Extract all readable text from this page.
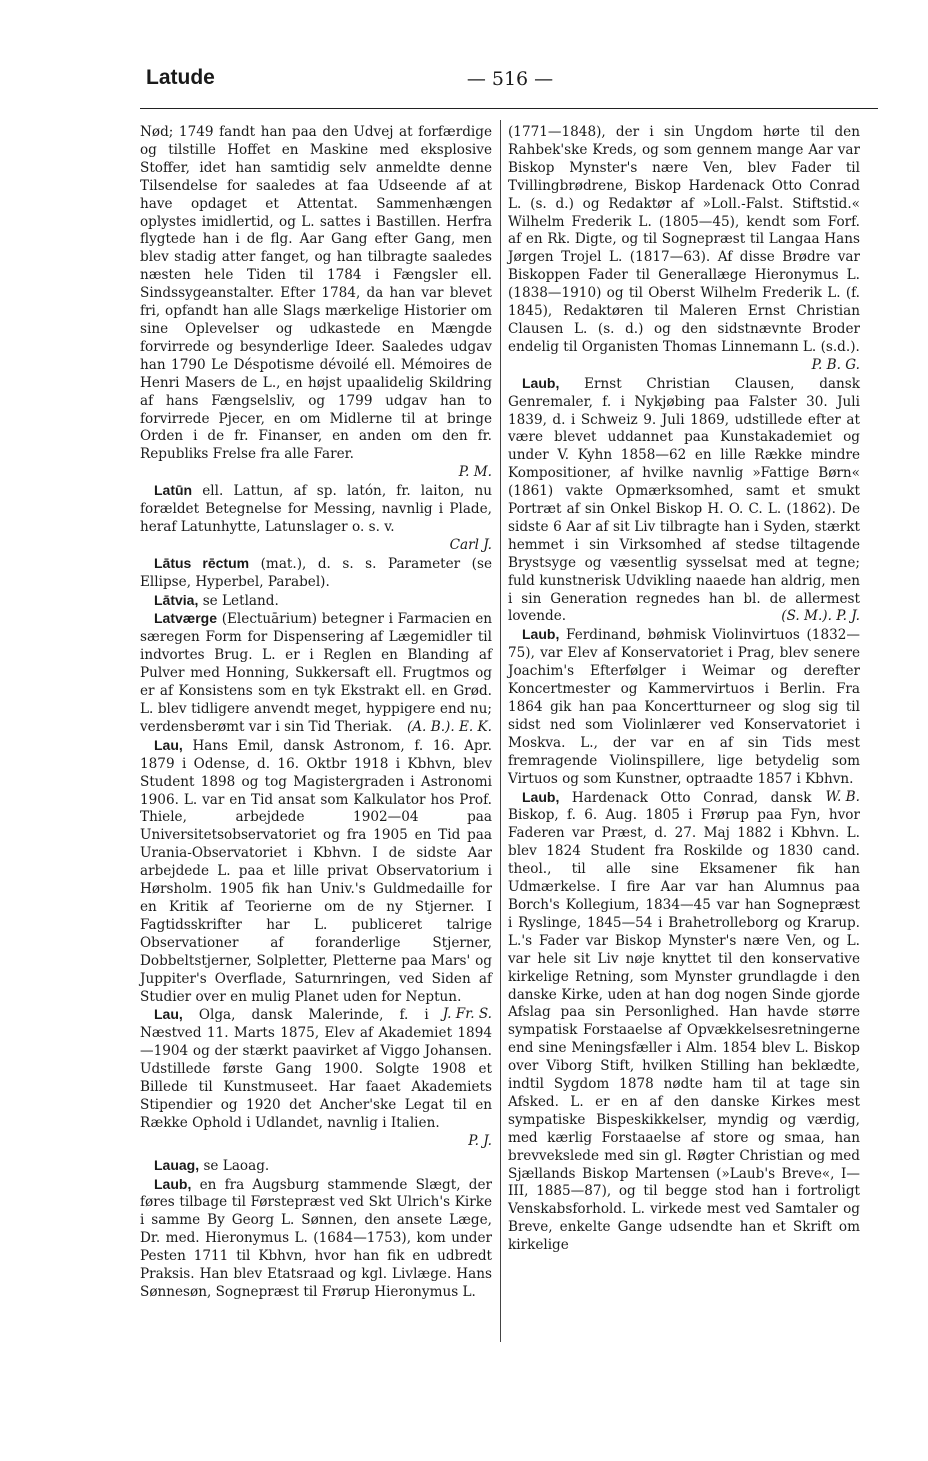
Latude	— 516 —

Nød; 1749 fandt han paa den Udvej at forfærdige og tilstille Hoffet en Maskine med eksplosive Stoffer, idet han samtidig selv anmeldte denne Tilsendelse for saaledes at faa Udseende af at have opdaget et Attentat. Sammenhængen oplystes imidlertid, og L. sattes i Bastillen. Herfra flygtede han i de flg. Aar Gang efter Gang, men blev stadig atter fanget, og han tilbragte saaledes næsten hele Tiden til 1784 i Fængsler ell. Sindssygeanstalter. Efter 1784, da han var blevet fri, opfandt han alle Slags mærkelige Historier om sine Oplevelser og udkastede en Mængde forvirrede og besynderlige Ideer. Saaledes udgav han 1790 Le Déspotisme dévoilé ell. Mémoires de Henri Masers de L., en højst upaalidelig Skildring af hans Fængselsliv, og 1799 udgav han to forvirrede Pjecer, en om Midlerne til at bringe Orden i de fr. Finanser, en anden om den fr. Republiks Frelse fra alle Farer.

P. M.

Latūn ell. Lattun, af sp. latón, fr. laiton, nu forældet Betegnelse for Messing, navnlig i Plade, heraf Latunhytte, Latunslager o. s. v.

Carl J.

Lātus rēctum (mat.), d. s. s. Parameter (se Ellipse, Hyperbel, Parabel).

Lātvia, se Letland.

Latværge (Electuārium) betegner i Farmacien en særegen Form for Dispensering af Lægemidler til indvortes Brug. L. er i Reglen en Blanding af Pulver med Honning, Sukkersaft ell. Frugtmos og er af Konsistens som en tyk Ekstrakt ell. en Grød. L. blev tidligere anvendt meget, hyppigere end nu; verdensberømt var i sin Tid Theriak.	(A. B.). E. K.

Lau, Hans Emil, dansk Astronom, f. 16. Apr. 1879 i Odense, d. 16. Oktbr 1918 i Kbhvn, blev Student 1898 og tog Magistergraden i Astronomi 1906. L. var en Tid ansat som Kalkulator hos Prof. Thiele, arbejdede 1902—04 paa Universitetsobservatoriet og fra 1905 en Tid paa Urania-Observatoriet i Kbhvn. I de sidste Aar arbejdede L. paa et lille privat Observatorium i Hørsholm. 1905 fik han Univ.'s Guldmedaille for en Kritik af Teorierne om de ny Stjerner. I Fagtidsskrifter har L. publiceret talrige Observationer af foranderlige Stjerner, Dobbeltstjerner, Solpletter, Pletterne paa Mars' og Juppiter's Overflade, Saturnringen, ved Siden af Studier over en mulig Planet uden for Neptun.
J. Fr. S.

Lau, Olga, dansk Malerinde, f. i Næstved 11. Marts 1875, Elev af Akademiet 1894—1904 og der stærkt paavirket af Viggo Johansen. Udstillede første Gang 1900. Solgte 1908 et Billede til Kunstmuseet. Har faaet Akademiets Stipendier og 1920 det Ancher'ske Legat til en Række Ophold i Udlandet, navnlig i Italien.

P. J.

Lauag, se Laoag.

Laub, en fra Augsburg stammende Slægt, der føres tilbage til Førstepræst ved Skt Ulrich's Kirke i samme By Georg L. Sønnen, den ansete Læge, Dr. med. Hieronymus L. (1684—1753), kom under Pesten 1711 til Kbhvn, hvor han fik en udbredt Praksis. Han blev Etatsraad og kgl. Livlæge. Hans Sønnesøn, Sognepræst til Frørup Hieronymus L.

(1771—1848), der i sin Ungdom hørte til den Rahbek'ske Kreds, og som gennem mange Aar var Biskop Mynster's nære Ven, blev Fader til Tvillingbrødrene, Biskop Hardenack Otto Conrad L. (s. d.) og Redaktør af »Loll.-Falst. Stiftstid.« Wilhelm Frederik L. (1805—45), kendt som Forf. af en Rk. Digte, og til Sognepræst til Langaa Hans Jørgen Trojel L. (1817—63). Af disse Brødre var Biskoppen Fader til Generallæge Hieronymus L. (1838—1910) og til Oberst Wilhelm Frederik L. (f. 1845), Redaktøren til Maleren Ernst Christian Clausen L. (s. d.) og den sidstnævnte Broder endelig til Organisten Thomas Linnemann L. (s.d.).

P. B. G.

Laub, Ernst Christian Clausen, dansk Genremaler, f. i Nykjøbing paa Falster 30. Juli 1839, d. i Schweiz 9. Juli 1869, udstillede efter at være blevet uddannet paa Kunstakademiet og under V. Kyhn 1858—62 en lille Række mindre Kompositioner, af hvilke navnlig »Fattige Børn« (1861) vakte Opmærksomhed, samt et smukt Portræt af sin Onkel Biskop H. O. C. L. (1862). De sidste 6 Aar af sit Liv tilbragte han i Syden, stærkt hemmet i sin Virksomhed af stedse tiltagende Brystsyge og væsentlig sysselsat med at tegne; fuld kunstnerisk Udvikling naaede han aldrig, men i sin Generation regnedes han bl. de allermest lovende.	(S. M.). P. J.

Laub, Ferdinand, bøhmisk Violinvirtuos (1832—75), var Elev af Konservatoriet i Prag, blev senere Joachim's Efterfølger i Weimar og derefter Koncertmester og Kammervirtuos i Berlin. Fra 1864 gik han paa Koncertturneer og slog sig til sidst ned som Violinlærer ved Konservatoriet i Moskva. L., der var en af sin Tids mest fremragende Violinspillere, lige betydelig som Virtuos og som Kunstner, optraadte 1857 i Kbhvn.
W. B.

Laub, Hardenack Otto Conrad, dansk Biskop, f. 6. Aug. 1805 i Frørup paa Fyn, hvor Faderen var Præst, d. 27. Maj 1882 i Kbhvn. L. blev 1824 Student fra Roskilde og 1830 cand. theol., til alle sine Eksamener fik han Udmærkelse. I fire Aar var han Alumnus paa Borch's Kollegium, 1834—45 var han Sognepræst i Ryslinge, 1845—54 i Brahetrolleborg og Krarup. L.'s Fader var Biskop Mynster's nære Ven, og L. var hele sit Liv nøje knyttet til den konservative kirkelige Retning, som Mynster grundlagde i den danske Kirke, uden at han dog nogen Sinde gjorde Afslag paa sin Personlighed. Han havde større sympatisk Forstaaelse af Opvækkelsesretningerne end sine Meningsfæller i Alm. 1854 blev L. Biskop over Viborg Stift, hvilken Stilling han beklædte, indtil Sygdom 1878 nødte ham til at tage sin Afsked. L. er en af den danske Kirkes mest sympatiske Bispeskikkelser, myndig og værdig, med kærlig Forstaaelse af store og smaa, han brevvekslede med sin gl. Røgter Christian og med Sjællands Biskop Martensen (»Laub's Breve«, I—III, 1885—87), og til begge stod han i fortroligt Venskabsforhold. L. virkede mest ved Samtaler og Breve, enkelte Gange udsendte han et Skrift om kirkelige
